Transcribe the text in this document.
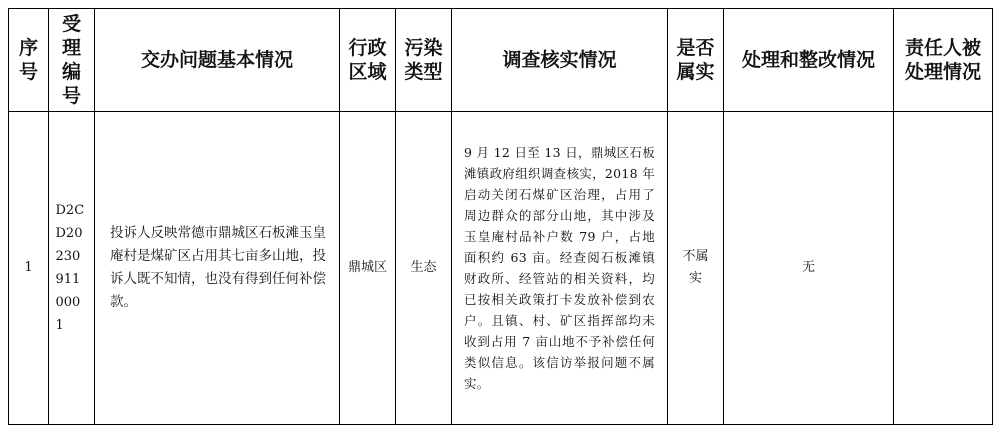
序号	受理编号	交办问题基本情况	行政区域	污染类型	调查核实情况	是否属实	处理和整改情况	责任人被处理情况
1	D2CD202309110001	投诉人反映常德市鼎城区石板滩玉皇庵村是煤矿区占用其七亩多山地，投诉人既不知情，也没有得到任何补偿款。	鼎城区	生态	9 月 12 日至 13 日，鼎城区石板滩镇政府组织调查核实，2018 年启动关闭石煤矿区治理，占用了周边群众的部分山地，其中涉及玉皇庵村品补户数 79 户，占地面积约 63 亩。经查阅石板滩镇财政所、经管站的相关资料，均已按相关政策打卡发放补偿到农户。且镇、村、矿区指挥部均未收到占用 7 亩山地不予补偿任何类似信息。该信访举报问题不属实。	不属实	无	
